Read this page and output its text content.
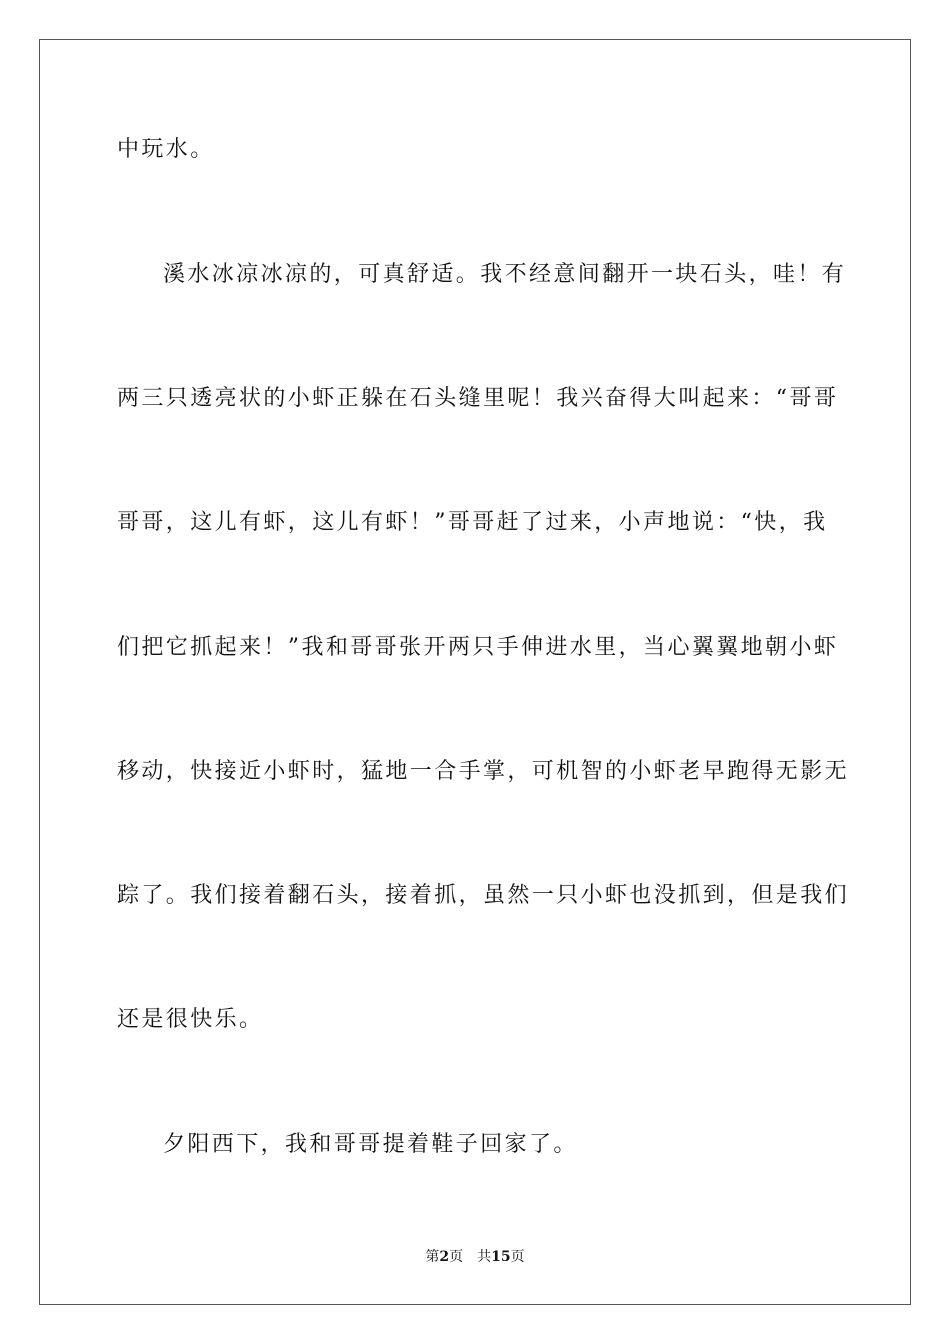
中玩水。
溪水冰凉冰凉的，可真舒适。我不经意间翻开一块石头，哇！有
两三只透亮状的小虾正躲在石头缝里呢！我兴奋得大叫起来：“哥哥
哥哥，这儿有虾，这儿有虾！”哥哥赶了过来，小声地说：“快，我
们把它抓起来！”我和哥哥张开两只手伸进水里，当心翼翼地朝小虾
移动，快接近小虾时，猛地一合手掌，可机智的小虾老早跑得无影无
踪了。我们接着翻石头，接着抓，虽然一只小虾也没抓到，但是我们
还是很快乐。
夕阳西下，我和哥哥提着鞋子回家了。
第2页 共15页
